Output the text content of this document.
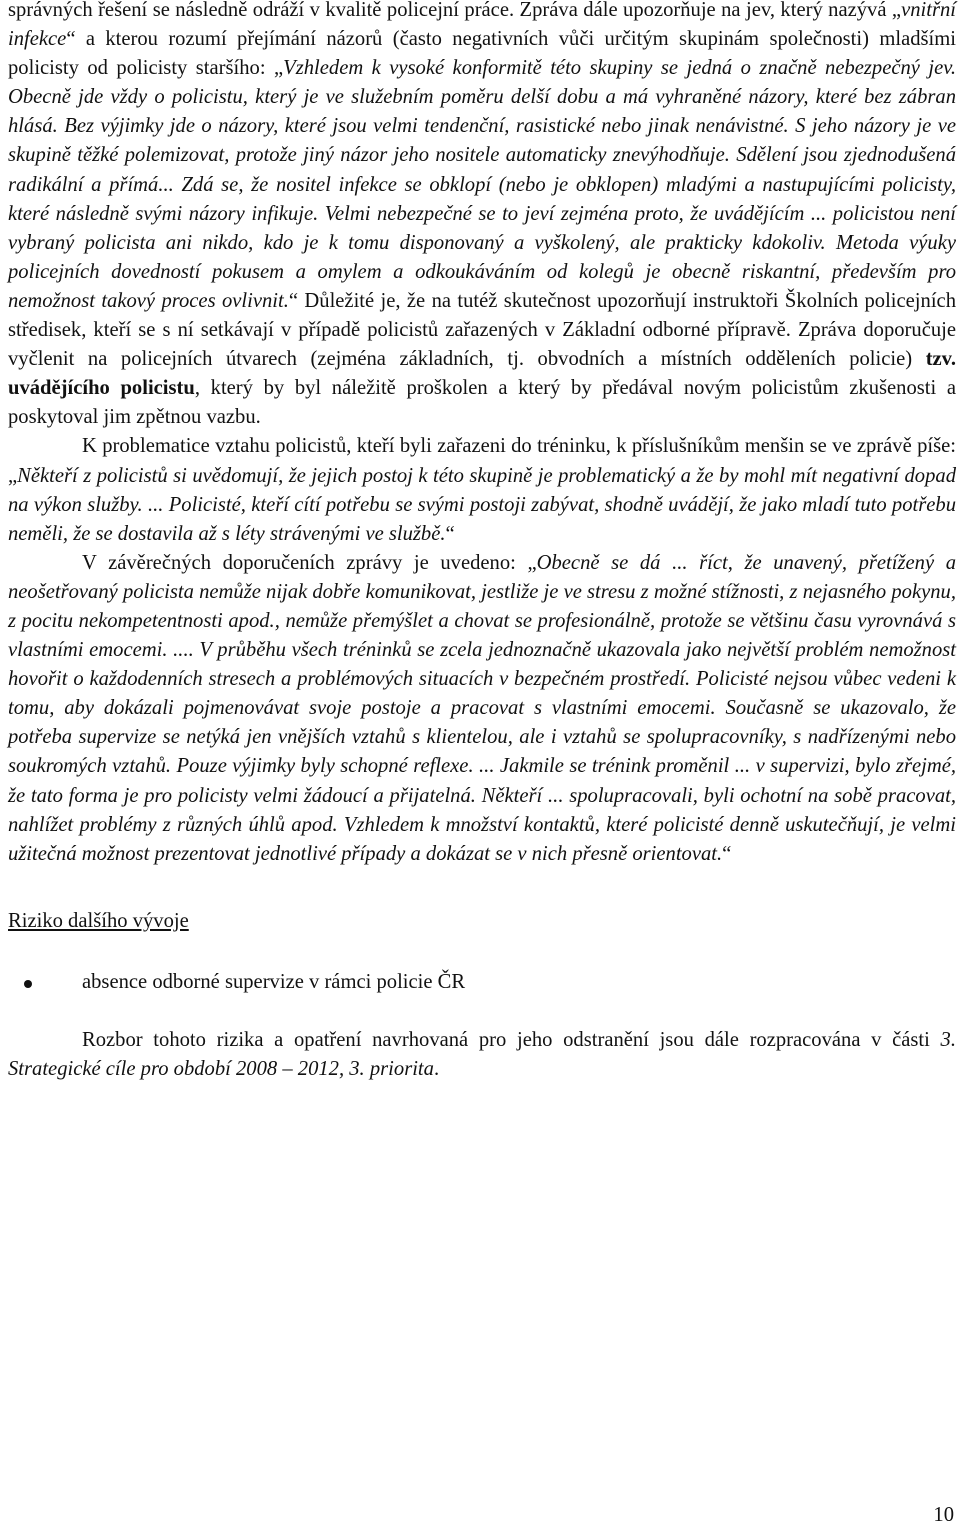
správných řešení se následně odráží v kvalitě policejní práce. Zpráva dále upozorňuje na jev, který nazývá „vnitřní infekce“ a kterou rozumí přejímání názorů (často negativních vůči určitým skupinám společnosti) mladšími policisty od policisty staršího: „Vzhledem k vysoké konformitě této skupiny se jedná o značně nebezpečný jev. Obecně jde vždy o policistu, který je ve služebním poměru delší dobu a má vyhraněné názory, které bez zábran hlásá. Bez výjimky jde o názory, které jsou velmi tendenční, rasistické nebo jinak nenávistné. S jeho názory je ve skupině těžké polemizovat, protože jiný názor jeho nositele automaticky znevýhodňuje. Sdělení jsou zjednodušená radikální a přímá... Zdá se, že nositel infekce se obklopí (nebo je obklopen) mladými a nastupujícími policisty, které následně svými názory infikuje. Velmi nebezpečné se to jeví zejména proto, že uvádějícím ... policistou není vybraný policista ani nikdo, kdo je k tomu disponovaný a vyškolený, ale prakticky kdokoliv. Metoda výuky policejních dovedností pokusem a omylem a odkoukáváním od kolegů je obecně riskantní, především pro nemožnost takový proces ovlivnit.“ Důležité je, že na tutéž skutečnost upozorňují instruktoři Školních policejních středisek, kteří se s ní setkávají v případě policistů zařazených v Základní odborné přípravě. Zpráva doporučuje vyčlenit na policejních útvarech (zejména základních, tj. obvodních a místních odděleních policie) tzv. uvádějícího policistu, který by byl náležitě proškolen a který by předával novým policistům zkušenosti a poskytoval jim zpětnou vazbu.

K problematice vztahu policistů, kteří byli zařazeni do tréninku, k příslušníkům menšin se ve zprávě píše: „Někteří z policistů si uvědomují, že jejich postoj k této skupině je problematický a že by mohl mít negativní dopad na výkon služby. ... Policisté, kteří cítí potřebu se svými postoji zabývat, shodně uvádějí, že jako mladí tuto potřebu neměli, že se dostavila až s léty strávenými ve službě.“

V závěrečných doporučeních zprávy je uvedeno: „Obecně se dá ... říct, že unavený, přetížený a neošetřovaný policista nemůže nijak dobře komunikovat, jestliže je ve stresu z možné stížnosti, z nejasného pokynu, z pocitu nekompetentnosti apod., nemůže přemýšlet a chovat se profesionálně, protože se většinu času vyrovnává s vlastními emocemi. .... V průběhu všech tréninků se zcela jednoznačně ukazovala jako největší problém nemožnost hovořit o každodenních stresech a problémových situacích v bezpečném prostředí. Policisté nejsou vůbec vedeni k tomu, aby dokázali pojmenovávat svoje postoje a pracovat s vlastními emocemi. Současně se ukazovalo, že potřeba supervize se netýká jen vnějších vztahů s klientelou, ale i vztahů se spolupracovníky, s nadřízenými nebo soukromých vztahů. Pouze výjimky byly schopné reflexe. ... Jakmile se trénink proměnil ... v supervizi, bylo zřejmé, že tato forma je pro policisty velmi žádoucí a přijatelná. Někteří ... spolupracovali, byli ochotní na sobě pracovat, nahlížet problémy z různých úhlů apod. Vzhledem k množství kontaktů, které policisté denně uskutečňují, je velmi užitečná možnost prezentovat jednotlivé případy a dokázat se v nich přesně orientovat.“

Riziko dalšího vývoje

absence odborné supervize v rámci policie ČR

Rozbor tohoto rizika a opatření navrhovaná pro jeho odstranění jsou dále rozpracována v části 3. Strategické cíle pro období 2008 – 2012, 3. priorita.

10
